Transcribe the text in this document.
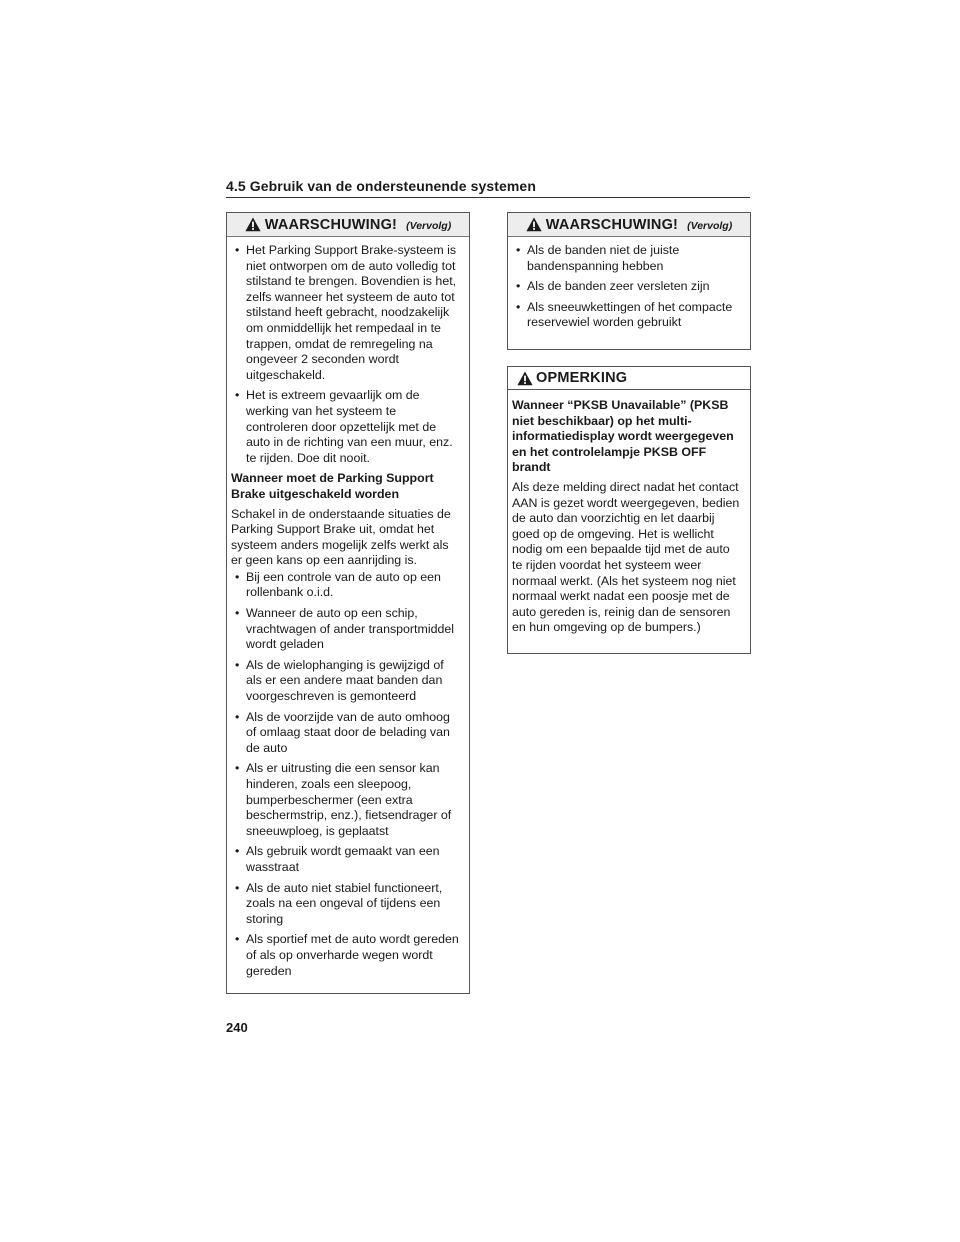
4.5 Gebruik van de ondersteunende systemen
WAARSCHUWING! (Vervolg)
• Het Parking Support Brake-systeem is niet ontworpen om de auto volledig tot stilstand te brengen. Bovendien is het, zelfs wanneer het systeem de auto tot stilstand heeft gebracht, noodzakelijk om onmiddellijk het rempedaal in te trappen, omdat de remregeling na ongeveer 2 seconden wordt uitgeschakeld.
• Het is extreem gevaarlijk om de werking van het systeem te controleren door opzettelijk met de auto in de richting van een muur, enz. te rijden. Doe dit nooit.
Wanneer moet de Parking Support Brake uitgeschakeld worden
Schakel in de onderstaande situaties de Parking Support Brake uit, omdat het systeem anders mogelijk zelfs werkt als er geen kans op een aanrijding is.
• Bij een controle van de auto op een rollenbank o.i.d.
• Wanneer de auto op een schip, vrachtwagen of ander transportmiddel wordt geladen
• Als de wielophanging is gewijzigd of als er een andere maat banden dan voorgeschreven is gemonteerd
• Als de voorzijde van de auto omhoog of omlaag staat door de belading van de auto
• Als er uitrusting die een sensor kan hinderen, zoals een sleepoog, bumperbeschermer (een extra beschermstrip, enz.), fietsendrager of sneeuwploeg, is geplaatst
• Als gebruik wordt gemaakt van een wasstraat
• Als de auto niet stabiel functioneert, zoals na een ongeval of tijdens een storing
• Als sportief met de auto wordt gereden of als op onverharde wegen wordt gereden
WAARSCHUWING! (Vervolg)
• Als de banden niet de juiste bandenspanning hebben
• Als de banden zeer versleten zijn
• Als sneeuwkettingen of het compacte reservewiel worden gebruikt
OPMERKING
Wanneer “PKSB Unavailable” (PKSB niet beschikbaar) op het multi-informatiedisplay wordt weergegeven en het controlelampje PKSB OFF brandt
Als deze melding direct nadat het contact AAN is gezet wordt weergegeven, bedien de auto dan voorzichtig en let daarbij goed op de omgeving. Het is wellicht nodig om een bepaalde tijd met de auto te rijden voordat het systeem weer normaal werkt. (Als het systeem nog niet normaal werkt nadat een poosje met de auto gereden is, reinig dan de sensoren en hun omgeving op de bumpers.)
240
